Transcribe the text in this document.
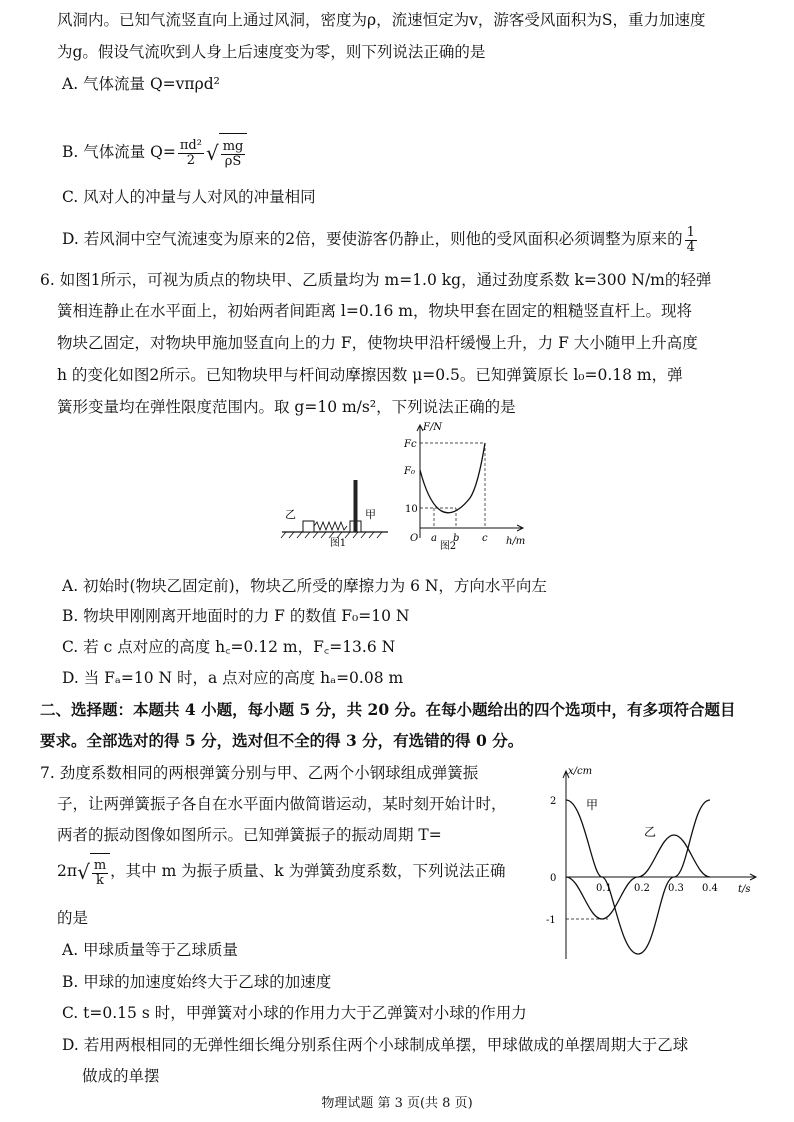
风洞内。已知气流竖直向上通过风洞，密度为ρ，流速恒定为v，游客受风面积为S，重力加速度
为g。假设气流吹到人身上后速度变为零，则下列说法正确的是
A. 气体流量 Q=vπρd²
B. 气体流量 $Q= \frac{\text{πd²}}{2}$ √ $\frac{mg}{\rho S}$
C. 风对人的冲量与人对风的冲量相同
D. 若风洞中空气流速变为原来的2倍，要使游客仍静止，则他的受风面积必须调整为原来的 $\frac{1}{4}$
6. 如图1所示，可视为质点的物块甲、乙质量均为 m=1.0 kg，通过劲度系数 k=300 N/m的轻弹
簧相连静止在水平面上，初始两者间距离 l=0.16 m，物块甲套在固定的粗糙竖直杆上。现将
物块乙固定，对物块甲施加竖直向上的力 F，使物块甲沿杆缓慢上升，力 F 大小随甲上升高度
h 的变化如图2所示。已知物块甲与杆间动摩擦因数 μ=0.5。已知弹簧原长 l₀=0.18 m，弹
簧形变量均在弹性限度范围内。取 g=10 m/s²，下列说法正确的是
乙	甲
图1
F/N
h/m
Fc
F₀
10
O a b c
图2
A. 初始时(物块乙固定前)，物块乙所受的摩擦力为 6 N，方向水平向左
B. 物块甲刚刚离开地面时的力 F 的数值 F₀=10 N
C. 若 c 点对应的高度 h꜀=0.12 m，F꜀=13.6 N
D. 当 Fₐ=10 N 时，a 点对应的高度 hₐ=0.08 m
二、选择题：本题共 4 小题，每小题 5 分，共 20 分。在每小题给出的四个选项中，有多项符合题目
要求。全部选对的得 5 分，选对但不全的得 3 分，有选错的得 0 分。
7. 劲度系数相同的两根弹簧分别与甲、乙两个小钢球组成弹簧振
子，让两弹簧振子各自在水平面内做简谐运动，某时刻开始计时，
两者的振动图像如图所示。已知弹簧振子的振动周期 T=
$2\pi√ \frac{m}{k}$ ，其中 m 为振子质量、k 为弹簧劲度系数，下列说法正确
的是
A. 甲球质量等于乙球质量
B. 甲球的加速度始终大于乙球的加速度
C. t=0.15 s 时，甲弹簧对小球的作用力大于乙弹簧对小球的作用力
D. 若用两根相同的无弹性细长绳分别系住两个小球制成单摆，甲球做成的单摆周期大于乙球
做成的单摆
x/cm
t/s
甲
乙
2
0
-1
0.1 0.2 0.3 0.4
物理试题 第 3 页(共 8 页)
